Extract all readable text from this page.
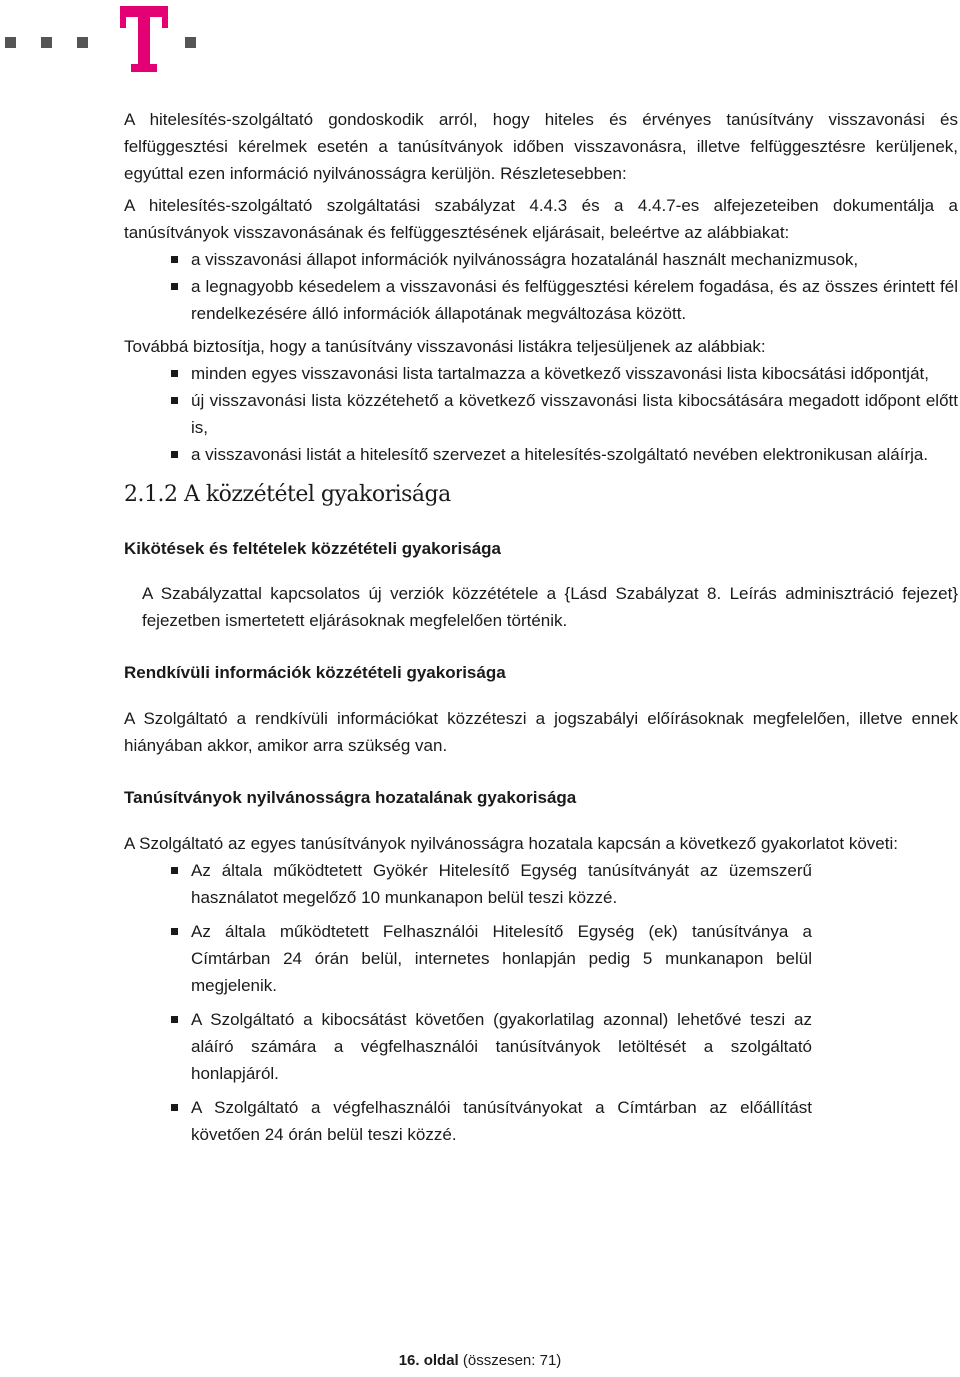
A hitelesítés-szolgáltató gondoskodik arról, hogy hiteles és érvényes tanúsítvány visszavonási és felfüggesztési kérelmek esetén a tanúsítványok időben visszavonásra, illetve felfüggesztésre kerüljenek, egyúttal ezen információ nyilvánosságra kerüljön. Részletesebben:

A hitelesítés-szolgáltató szolgáltatási szabályzat 4.4.3 és a 4.4.7-es alfejezeteiben dokumentálja a tanúsítványok visszavonásának és felfüggesztésének eljárásait, beleértve az alábbiakat:

a visszavonási állapot információk nyilvánosságra hozatalánál használt mechanizmusok,
a legnagyobb késedelem a visszavonási és felfüggesztési kérelem fogadása, és az összes érintett fél rendelkezésére álló információk állapotának megváltozása között.

Továbbá biztosítja, hogy a tanúsítvány visszavonási listákra teljesüljenek az alábbiak:

minden egyes visszavonási lista tartalmazza a következő visszavonási lista kibocsátási időpontját,
új visszavonási lista közzétehető a következő visszavonási lista kibocsátására megadott időpont előtt is,
a visszavonási listát a hitelesítő szervezet a hitelesítés-szolgáltató nevében elektronikusan aláírja.
2.1.2 A közzététel gyakorisága
Kikötések és feltételek közzétételi gyakorisága

A Szabályzattal kapcsolatos új verziók közzététele a {Lásd Szabályzat 8. Leírás adminisztráció fejezet} fejezetben ismertetett eljárásoknak megfelelően történik.

Rendkívüli információk közzétételi gyakorisága

A Szolgáltató a rendkívüli információkat közzéteszi a jogszabályi előírásoknak megfelelően, illetve ennek hiányában akkor, amikor arra szükség van.

Tanúsítványok nyilvánosságra hozatalának gyakorisága

A Szolgáltató az egyes tanúsítványok nyilvánosságra hozatala kapcsán a következő gyakorlatot követi:

Az általa működtetett Gyökér Hitelesítő Egység tanúsítványát az üzemszerű használatot megelőző 10 munkanapon belül teszi közzé.
Az általa működtetett Felhasználói Hitelesítő Egység (ek) tanúsítványa a Címtárban 24 órán belül, internetes honlapján pedig 5 munkanapon belül megjelenik.
A Szolgáltató a kibocsátást követően (gyakorlatilag azonnal) lehetővé teszi az aláíró számára a végfelhasználói tanúsítványok letöltését a szolgáltató honlapjáról.
A Szolgáltató a végfelhasználói tanúsítványokat a Címtárban az előállítást követően 24 órán belül teszi közzé.
16. oldal (összesen: 71)
